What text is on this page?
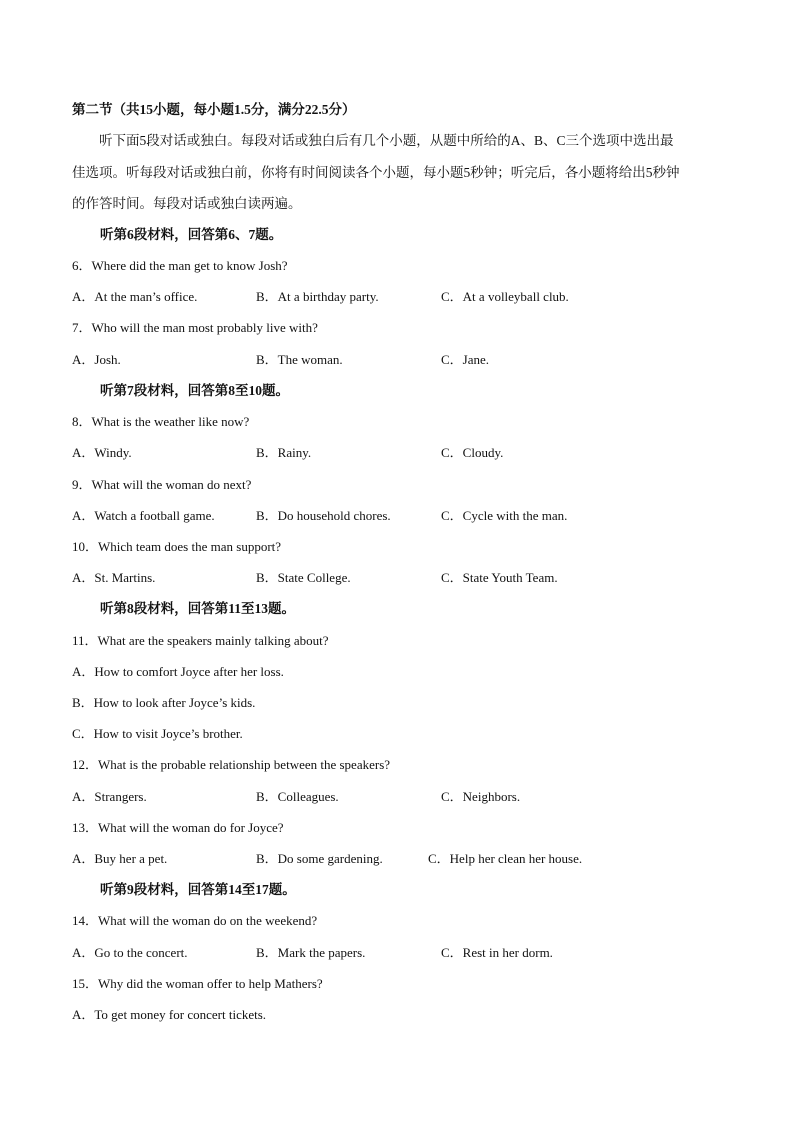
第二节（共15小题，每小题1.5分，满分22.5分）
　　听下面5段对话或独白。每段对话或独白后有几个小题，从题中所给的A、B、C三个选项中选出最
佳选项。听每段对话或独白前，你将有时间阅读各个小题，每小题5秒钟；听完后，各小题将给出5秒钟
的作答时间。每段对话或独白读两遍。
听第6段材料，回答第6、7题。
6．Where did the man get to know Josh?
A．At the man’s office.	B．At a birthday party.	C．At a volleyball club.
7．Who will the man most probably live with?
A．Josh.	B．The woman.	C．Jane.
听第7段材料，回答第8至10题。
8．What is the weather like now?
A．Windy.	B．Rainy.	C．Cloudy.
9．What will the woman do next?
A．Watch a football game.	B．Do household chores.	C．Cycle with the man.
10．Which team does the man support?
A．St. Martins.	B．State College.	C．State Youth Team.
听第8段材料，回答第11至13题。
11．What are the speakers mainly talking about?
A．How to comfort Joyce after her loss.
B．How to look after Joyce’s kids.
C．How to visit Joyce’s brother.
12．What is the probable relationship between the speakers?
A．Strangers.	B．Colleagues.	C．Neighbors.
13．What will the woman do for Joyce?
A．Buy her a pet.	B．Do some gardening.	C．Help her clean her house.
听第9段材料，回答第14至17题。
14．What will the woman do on the weekend?
A．Go to the concert.	B．Mark the papers.	C．Rest in her dorm.
15．Why did the woman offer to help Mathers?
A．To get money for concert tickets.
